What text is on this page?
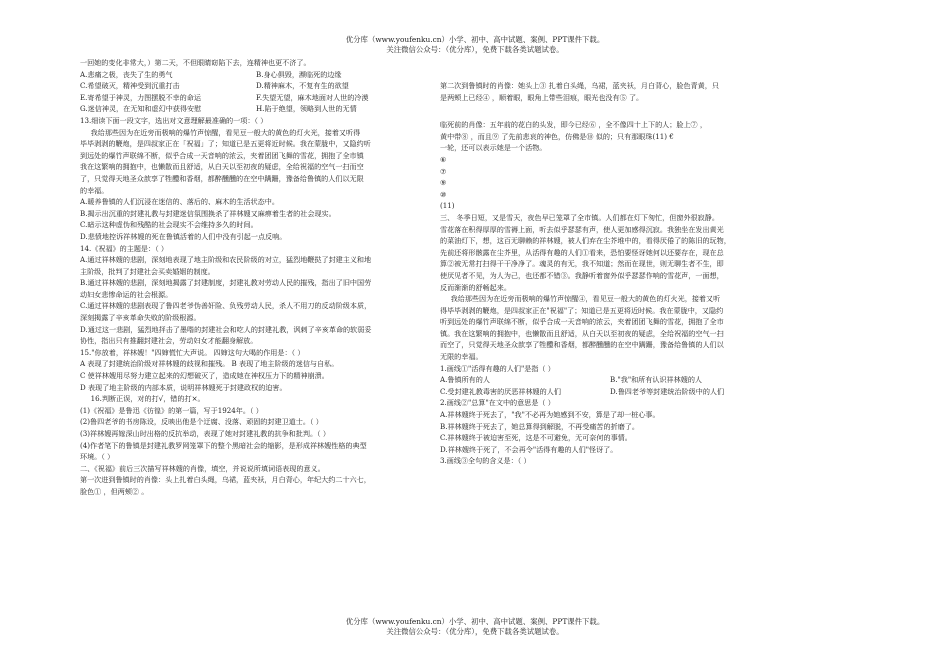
优分库（www.youfenku.cn）小学、初中、高中试题、案例、PPT课件下载。
关注微信公众号：（优分库），免费下载各类试题试卷。
一回她的变化非常大，）第二天，不但眼睛窈陷下去，连精神也更不济了。
A.悲痛之极，丧失了生的勇气	B.身心俱毁，濒临死的边缘
C.希望破灭，精神受到沉重打击	D.精神麻木，不复有生的欲望
E.寄希望于神灵，力图摆脱不幸的命运	F.失望无望，麻木地面对人世的冷漠
G.迷信神灵，在无知和虚幻中获得安慰	H.陷于绝望，领略到人世的无情
13.细读下面一段文字，选出对文意理解最准确的一项：（ ）
我给那些因为在近旁而极响的爆竹声惊醒，看见豆一般大的黄色的灯火光，接着又听得
毕毕剥剥的鞭炮，是四叔家正在「祝福」了；知道已是五更将近时候。我在蒙胧中，又隐约听
到远处的爆竹声联绵不断，似乎合成一天音响的浓云，夹着团团飞舞的雪花，拥抱了全市镇
我在这繁响的拥抱中，也懒散而且舒适，从白天以至初夜的疑虑，全给祝福的空气一扫而空
了，只觉得天地圣众歆享了牲醴和香烟，都醉醺醺的在空中蹒跚，豫备给鲁镇的人们以无限
的幸福。
A.暖养鲁镇的人们沉浸在迷信的、落后的、麻木的生活状态中。
B.揭示出沉重的封建礼教与封建迷信氛围换杀了祥林嫂又麻痹着生者的社会现实。
C.暗示这种虚伪和残酷的社会现实不会维持多久的时间。
D.悲愤地控诉祥林嫂的死在鲁镇活着的人们中没有引起一点反响。
14.《祝福》的主题是：（ ）
A.通过祥林嫂的悲剧，深刻地表现了地主阶级和农民阶级的对立，猛烈地鞭挞了封建主义和地
主阶级，批判了封建社会买卖婚姻的制度。
B.通过祥林嫂的悲剧，深刻地揭露了封建制度，封建礼教对劳动人民的摧残，指出了旧中国劳
动妇女悲惨命运的社会根源。
C.通过祥林嫂的悲剧表现了鲁四老爷伪善奸险、负残劳动人民，杀人不用刀的反动阶级本质，
深刻揭露了辛亥革命失败的阶级根源。
D.通过这一悲剧，猛烈地抨击了墨喈的封建社会和吃人的封建礼教，讽刺了辛亥革命的软弱妥
协性，指出只有推翻封建社会，劳动妇女才能翻身解放。
15."你放着，祥林嫂！"四婶慌忙大声说。 四婶这句大喝的作用是：（ ）
A 表现了封建统治阶级对祥林嫂的歧视和摧残。 B 表现了地主阶级的迷信与自私。
C 使祥林嫂用尽努力建立起来的幻想破灭了，造成她在神权压力下的精神崩溃。
D 表现了地主阶级的内部本质，说明祥林嫂死于封建政权的迫害。
16.判断正误，对的打√，错的打×。
(1)《祝福》是鲁迅《彷徨》的第一篇，写于1924年。（ ）
(2)鲁四老爷的书房陈设，反映出他是个迂腐、没落、顽固的封建卫道士。（ ）
(3)祥林嫂再嫁深山时出格的反抗举动，表现了她对封建礼教的抗争和批判。（ ）
(4)作者笔下的鲁镇是封建礼教罗网笼罩下的整个黑暗社会的缩影，是形成祥林嫂性格的典型
环境。（ ）
二、《祝福》前后三次描写祥林嫂的肖像，填空，并说说所填词语表现的意义。
第一次进到鲁镇时的肖像：头上扎着白头绳，乌裙，蓝夹袄，月白背心，年纪大约二十六七，
脸色① ，但两颊② 。
第二次到鲁镇时的肖像：她头上③ 扎着白头绳，乌裙，蓝夹袄，月白背心，脸色青黄，只
是两颊上已经④ ，顺着眼，眼角上带些泪痕，眼光也没有⑤ 了。
临死前的肖像：五年前的花白的头发，即今已经⑥ ，全不像四十上下的人；脸上⑦ ，
黄中带⑧ ，而且⑨ 了先前悲哀的神色，仿佛是⑩ 似的；只有那眼珠(11) €
一轮，还可以表示她是一个活物。
⑥
⑦
⑨
⑩
(11)
三、 冬季日短，又是雪天，夜色早已笼罩了全市镇。人们都在灯下匆忙，但窗外很寂静。
雪花落在积得厚厚的雪褥上面，听去似乎瑟瑟有声，使人更加感得沉寂。我独坐在发出黄光
的菜油灯下，想，这百无聊赖的祥林嫂，被人们弃在尘芥堆中的，看得厌倦了的陈旧的玩物，
先前还将形骸露在尘芥里，从活得有趣的人们①看来，恐怕要怪讶她何以还要存在，现在总
算②被无常打扫得干干净净了。魂灵的有无，我不知道；然而在现世，则无聊生者不生，即
使厌见者不见，为人为己，也还都不错③。我静听着窗外似乎瑟瑟作响的雪花声，一面想，
反而渐渐的舒畅起来。
我给那些因为在近旁而极响的爆竹声惊醒④，看见豆一般大的黄色的灯火光，接着又听
得毕毕剥剥的鞭炮，是四叔家正在"祝福"了；知道已是五更将近时候。我在蒙胧中，又隐约
听到远处的爆竹声联绵不断，似乎合成一天音响的浓云，夹着团团飞舞的雪花，拥抱了全市
镇。我在这繁响的拥抱中，也懒散而且舒适，从白天以至初夜的疑虑，全给祝福的空气一扫
而空了，只觉得天地圣众歆享了牲醴和香烟，都醉醺醺的在空中蹒跚，豫备给鲁镇的人们以
无限的幸福。
1.画线①"活得有趣的人们"是指（ ）
A.鲁镇所有的人	B."我"和所有认识祥林嫂的人
C.受封建礼教毒害的厌恶祥林嫂的人们	D.鲁四老爷等封建统治阶级中的人们
2.画线②"总算"在文中的意思是（ ）
A.祥林嫂终于死去了，"我"不必再为她感到不安，算是了却一桩心事。
B.祥林嫂终于死去了，她总算得到解脱，不再受痛苦的折磨了。
C.祥林嫂终于被迫害至死，这是不可避免，无可奈何的事情。
D.祥林嫂终于死了，不会再令"活得有趣的人们"怪讶了。
3.画线③全句的含义是：（ ）
优分库（www.youfenku.cn）小学、初中、高中试题、案例、PPT课件下载。
关注微信公众号：（优分库），免费下载各类试题试卷。
